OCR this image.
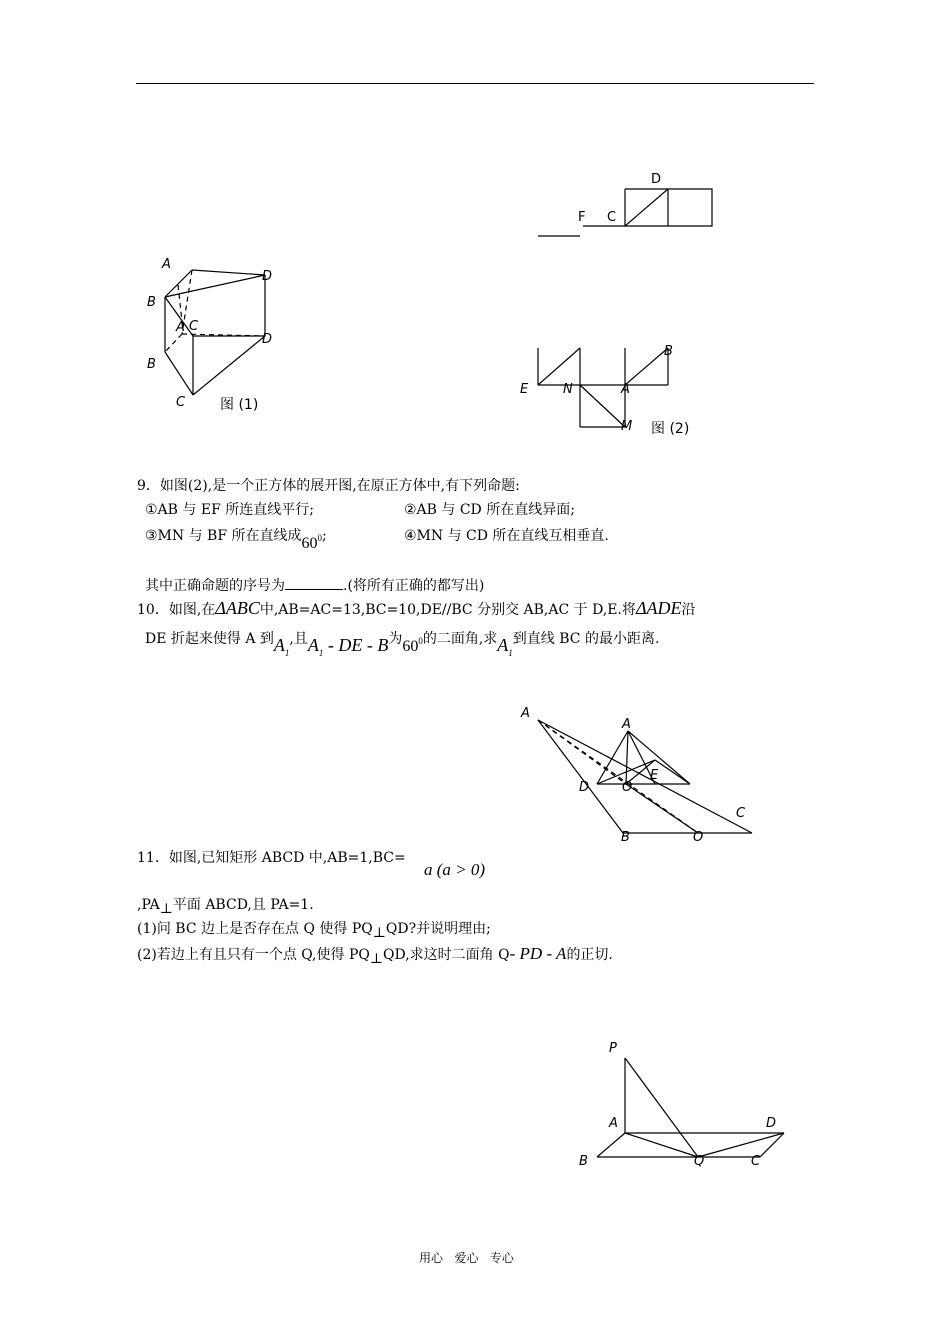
A
D
B
A C
D
B
C 图 (1)
D
F C
B
E	N	A
M 图 (2)
9．如图(2),是一个正方体的展开图,在原正方体中,有下列命题:
①AB 与 EF 所连直线平行;	②AB 与 CD 所在直线异面;
③MN 与 BF 所在直线成$60^0$;	④MN 与 CD 所在直线互相垂直.
其中正确命题的序号为	.(将所有正确的都写出)
10．如图,在ΔABC中,AB=AC=13,BC=10,DE//BC 分别交 AB,AC 于 D,E.将ΔADE沿
DE 折起来使得 A 到$A_1$,且$A_1$ - DE - B为$60^0$的二面角,求$A_1$到直线 BC 的最小距离.
A
A
E
D	O
C
B	O
11．如图,已知矩形 ABCD 中,AB=1,BC=
a (a > 0)
,PA⊥平面 ABCD,且 PA=1.
(1)问 BC 边上是否存在点 Q 使得 PQ⊥QD?并说明理由;
(2)若边上有且只有一个点 Q,使得 PQ⊥QD,求这时二面角 Q- PD - A的正切.
P
A	D
B	Q	C
用心   爱心   专心
